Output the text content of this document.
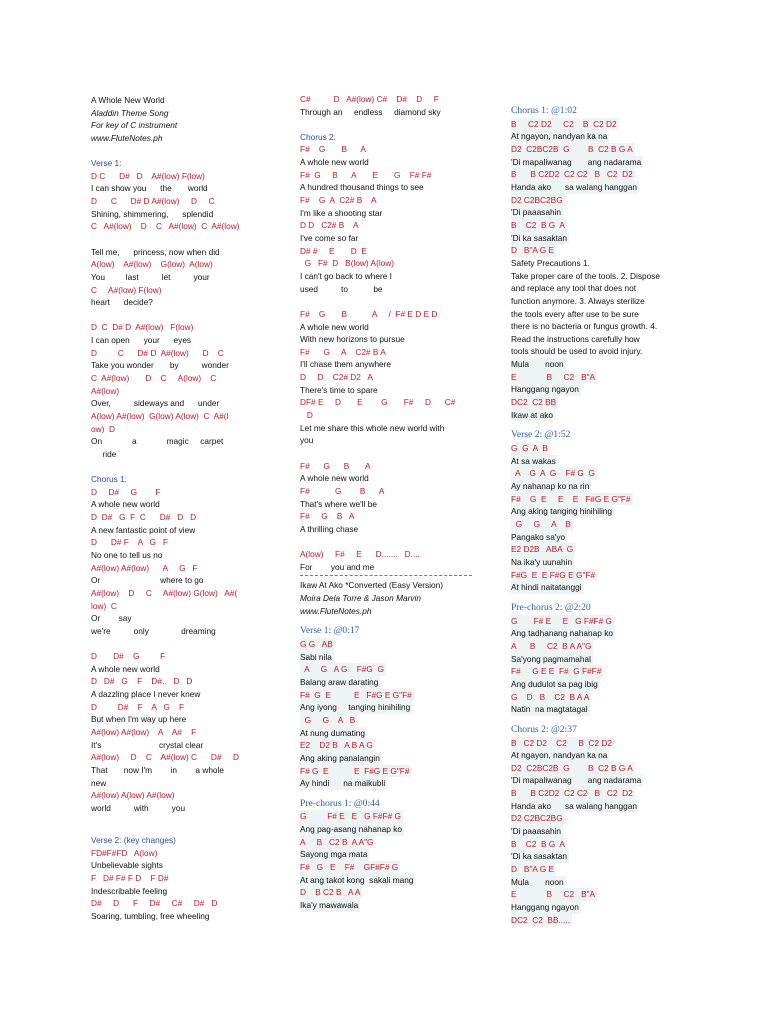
A Whole New World
Aladdin Theme Song
For key of C instrument
www.FluteNotes.ph
Verse 1:
D C      D#   D    A#(low) F(low)
I can show you      the       world
D      C      D# D A#(low)     D     C
Shining, shimmering,      splendid
C   A#(low)    D    C   A#(low)  C  A#(low)
Tell me,      princess, now when did
A(low)    A#(low)    G(low)  A(low)
You         last          let          your
C     A#(low) F(low)
heart      decide?
D  C  D# D  A#(low)   F(low)
I can open      your      eyes
D         C      D# D  A#(low)      D    C
Take you wonder       by          wonder
C  A#(low)       D    C     A(low)    C
A#(low)
Over,          sideways and      under
A(low) A#(low)  G(low) A(low)  C  A#(l
ow)  D
On             a             magic     carpet
ride
Chorus 1:
D     D#     G        F
A whole new world
D  D#   G  F  C      D#   D   D
A new fantastic point of view
D      D# F    A   G   F
No one to tell us no
A#(low) A#(low)      A     G   F
Or                          where to go
A#(low)    D     C     A#(low) G(low)   A#(
low)  C
Or        say
we're          only              dreaming
D       D#    G         F
A whole new world
D   D#   G    F    D#..   D   D
A dazzling place I never knew
D         D#    F    A   G    F
But when I'm way up here
A#(low) A#(low)    A    A#    F
It's                         crystal clear
A#(low)     D    C    A#(low) C      D#     D
That       now I'm        in        a whole
new
A#(low) A(low) A#(low)
world          with          you
Verse 2: (key changes)
FD#F#FD   A(low)
Unbelievable sights
F   D# F# F D    F D#
Indescribable feeling
D#     D      F     D#     C#     D#   D
Soaring, tumbling, free wheeling
C#          D   A#(low) C#    D#    D     F
Through an     endless     diamond sky
Chorus 2:
F#    G       B      A
A whole new world
F#  G     B      A       E       G    F# F#
A hundred thousand things to see
F#    G  A  C2# B    A
I'm like a shooting star
D D   C2# B    A
I've come so far
D# #     E       D  E
G   F#  D   B(low) A(low)
I can't go back to where I
used          to           be
F#    G       B           A     /  F# E D E D
A whole new world
With new horizons to pursue
F#      G     A    C2# B A
I'll chase them anywhere
D     D    C2# D2   A
There's time to spare
DF# E     D       E        G       F#     D      C#
D
Let me share this whole new world with
you
F#      G      B       A
A whole new world
F#           G        B      A
That's where we'll be
F#     G    B   A
A thrilling chase
A(low)     F#     E      D.......   D....
For        you and me
Ikaw At Ako *Converted (Easy Version)
Moira Dela Torre & Jason Marvin
www.FluteNotes.ph
Verse 1: @0:17
G G   AB
Sabi nila
A     G   A G    F#G  G
Balang araw darating
F#  G  E          E   F#G E G"F#
Ang iyong     tanging hinihiling
G     G    A   B
At nung dumating
E2    D2 B   A B A G
Ang aking panalangin
F# G  E           E  F#G E G"F#
Ay hindi      na maikubli
Pre-chorus 1: @0:44
G         F# E   E   G F#F# G
Ang pag-asang nahanap ko
A     B   C2 B  A A"G
Sayong mga mata
F#   G   E    F#    GF#F# G
At ang takot kong  sakali mang
D    B C2 B   A A
Ika'y mawawala
Chorus 1: @1:02
B     C2 D2     C2    B  C2 D2
At ngayon, nandyan ka na
D2  C2BC2B  G        B  C2 B G A
'Di mapaliwanag       ang nadarama
B      B C2D2  C2 C2   B   C2  D2
Handa ako      sa walang hanggan
D2 C2BC2BG
'Di paaasahin
B    C2  B G  A
'Di ka sasaktan
D   B"A G E
Safety Precautions 1.
Take proper care of the tools. 2. Dispose
and replace any tool that does not
function anymore. 3. Always sterilize
the tools every after use to be sure
there is no bacteria or fungus growth. 4.
Read the instructions carefully how
tools should be used to avoid injury.
Mula       noon
E             B     C2   B"A
Hanggang ngayon
DC2  C2 BB
Ikaw at ako
Verse 2: @1:52
G  G  A  B
At sa wakas
A    G  A  G    F# G  G
Ay nahanap ko na rin
F#    G  E     E    E   F#G E G"F#
Ang aking tanging hinihiling
G     G     A    B
Pangako sa'yo
E2 D2B   ABA  G
Na ika'y uunahin
F#G  E  E F#G E G"F#
At hindi naitatanggi
Pre-chorus 2: @2:20
G       F# E     E   G F#F# G
Ang tadhanang nahanap ko
A      B     C2  B A A"G
Sa'yong pagmamahal
F#     G E E  F#  G F#F#
Ang dudulot sa pag ibig
G    D   B    C2  B A A
Natin  na magtatagal
Chorus 2: @2:37
B   C2 D2    C2     B  C2 D2
At ngayon, nandyan ka na
D2  C2BC2B  G        B  C2 B G A
'Di mapaliwanag       ang nadarama
B      B C2D2  C2 C2   B   C2  D2
Handa ako      sa walang hanggan
D2 C2BC2BG
'Di paaasahin
B    C2  B G  A
'Di ka sasaktan
D   B"A G E
Mula       noon
E             B     C2   B"A
Hanggang ngayon
DC2  C2  BB.....
